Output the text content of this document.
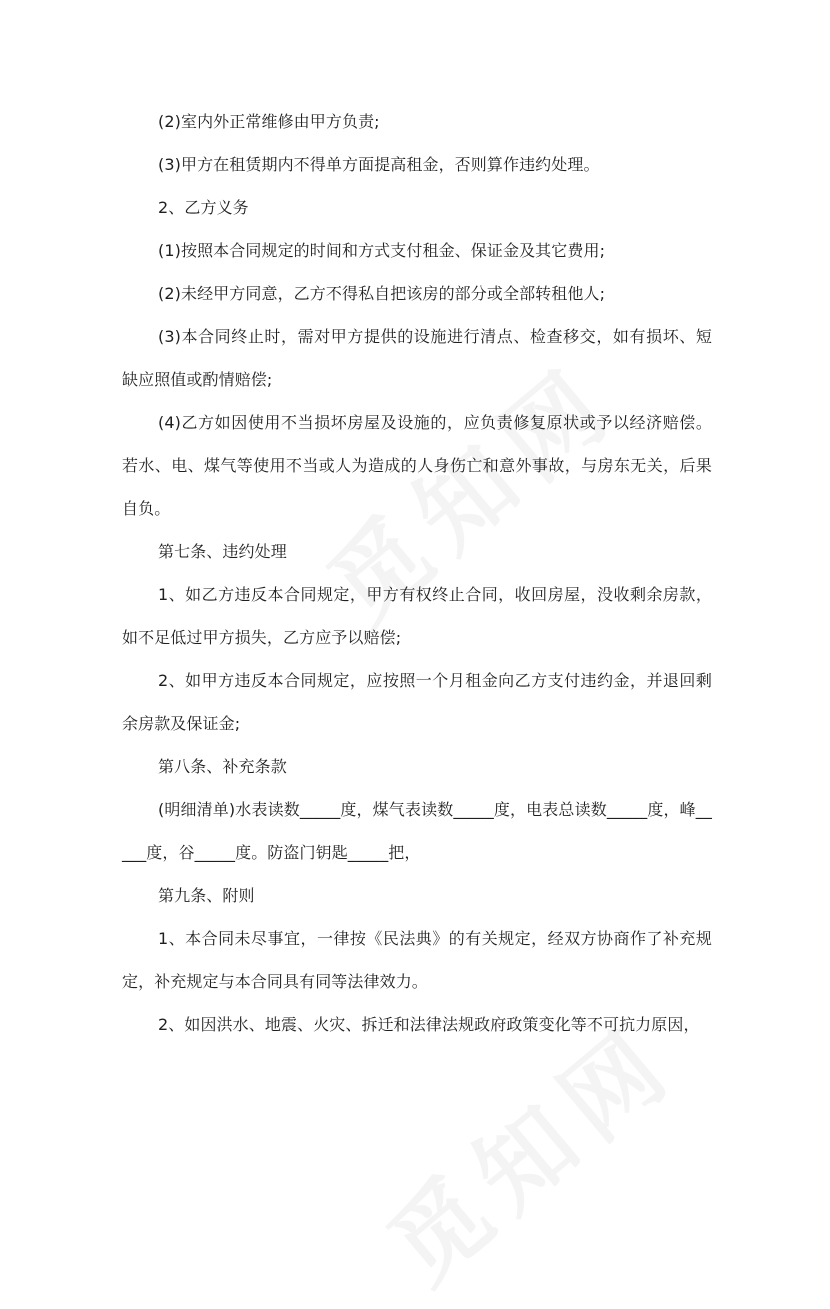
(2)室内外正常维修由甲方负责;

(3)甲方在租赁期内不得单方面提高租金，否则算作违约处理。

2、乙方义务

(1)按照本合同规定的时间和方式支付租金、保证金及其它费用;

(2)未经甲方同意，乙方不得私自把该房的部分或全部转租他人;

(3)本合同终止时，需对甲方提供的设施进行清点、检查移交，如有损坏、短缺应照值或酌情赔偿;

(4)乙方如因使用不当损坏房屋及设施的，应负责修复原状或予以经济赔偿。若水、电、煤气等使用不当或人为造成的人身伤亡和意外事故，与房东无关，后果自负。

第七条、违约处理

1、如乙方违反本合同规定，甲方有权终止合同，收回房屋，没收剩余房款，如不足低过甲方损失，乙方应予以赔偿;

2、如甲方违反本合同规定，应按照一个月租金向乙方支付违约金，并退回剩余房款及保证金;

第八条、补充条款

(明细清单)水表读数_____度，煤气表读数_____度，电表总读数_____度，峰_____度，谷_____度。防盗门钥匙_____把，

第九条、附则

1、本合同未尽事宜，一律按《民法典》的有关规定，经双方协商作了补充规定，补充规定与本合同具有同等法律效力。

2、如因洪水、地震、火灾、拆迁和法律法规政府政策变化等不可抗力原因，
